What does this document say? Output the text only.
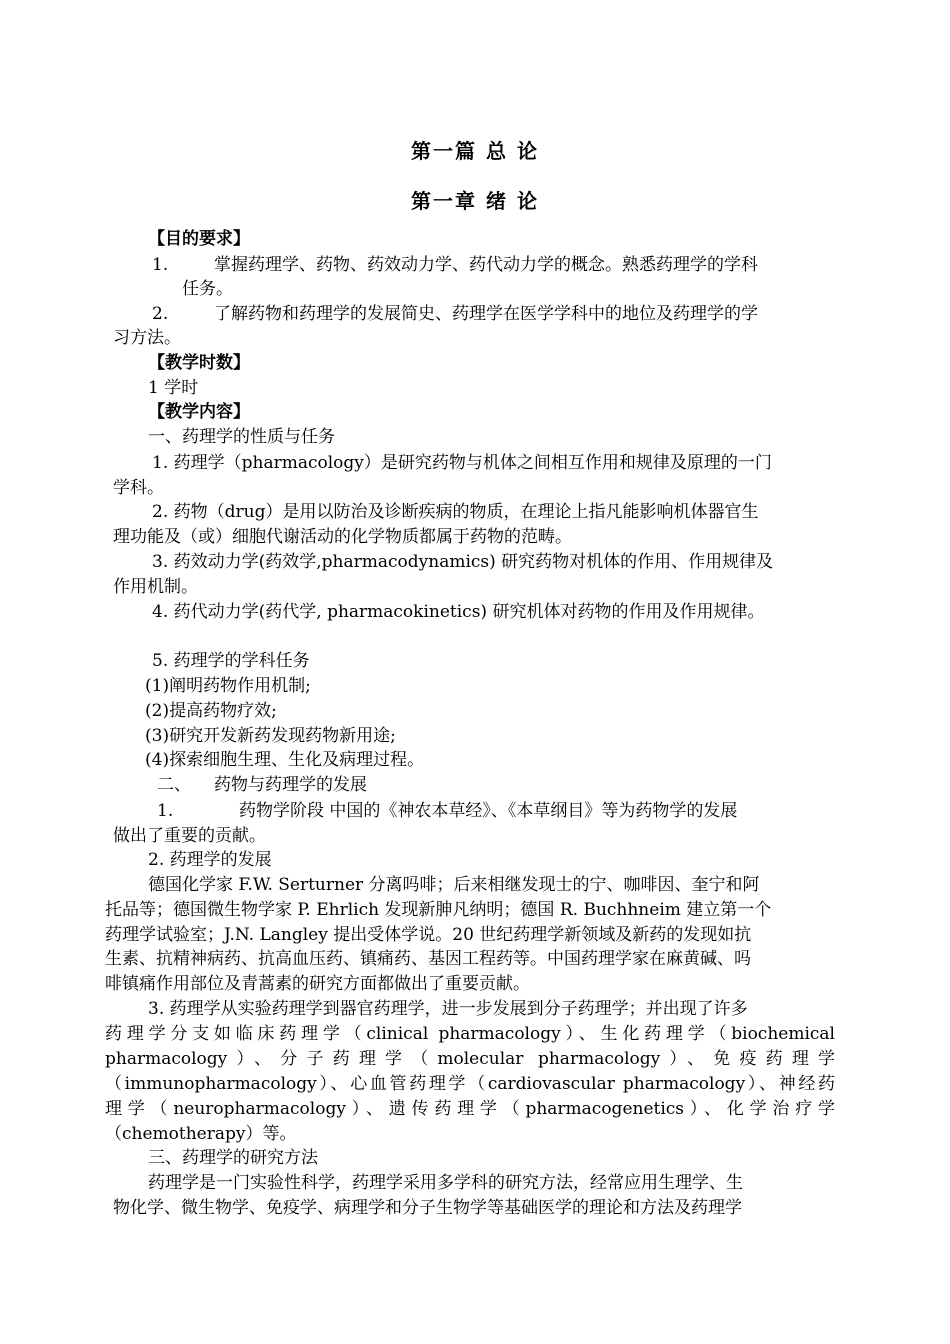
第一篇 总 论
第一章 绪 论
【目的要求】
1.	掌握药理学、药物、药效动力学、药代动力学的概念。熟悉药理学的学科
任务。
2.	了解药物和药理学的发展简史、药理学在医学学科中的地位及药理学的学
习方法。
【教学时数】
1 学时
【教学内容】
一、药理学的性质与任务
1. 药理学（pharmacology）是研究药物与机体之间相互作用和规律及原理的一门
学科。
2. 药物（drug）是用以防治及诊断疾病的物质，在理论上指凡能影响机体器官生
理功能及（或）细胞代谢活动的化学物质都属于药物的范畴。
3. 药效动力学(药效学,pharmacodynamics) 研究药物对机体的作用、作用规律及
作用机制。
4. 药代动力学(药代学, pharmacokinetics) 研究机体对药物的作用及作用规律。
5. 药理学的学科任务
(1)阐明药物作用机制;
(2)提高药物疗效;
(3)研究开发新药发现药物新用途;
(4)探索细胞生理、生化及病理过程。
二、 药物与药理学的发展
1.	药物学阶段 中国的《神农本草经》、《本草纲目》等为药物学的发展
做出了重要的贡献。
2. 药理学的发展
德国化学家 F.W. Serturner 分离吗啡；后来相继发现士的宁、咖啡因、奎宁和阿
托品等；德国微生物学家 P. Ehrlich 发现新胂凡纳明；德国 R. Buchhneim 建立第一个
药理学试验室；J.N. Langley 提出受体学说。20 世纪药理学新领域及新药的发现如抗
生素、抗精神病药、抗高血压药、镇痛药、基因工程药等。中国药理学家在麻黄碱、吗
啡镇痛作用部位及青蒿素的研究方面都做出了重要贡献。
3. 药理学从实验药理学到器官药理学，进一步发展到分子药理学；并出现了许多
药理学分支如临床药理学（clinical pharmacology）、生化药理学（biochemical
pharmacology）、分子药理学（molecular pharmacology）、免疫药理学
（immunopharmacology）、心血管药理学（cardiovascular pharmacology）、神经药
理学（neuropharmacology）、遗传药理学（pharmacogenetics）、化学治疗学
（chemotherapy）等。
三、药理学的研究方法
药理学是一门实验性科学，药理学采用多学科的研究方法，经常应用生理学、生
物化学、微生物学、免疫学、病理学和分子生物学等基础医学的理论和方法及药理学
